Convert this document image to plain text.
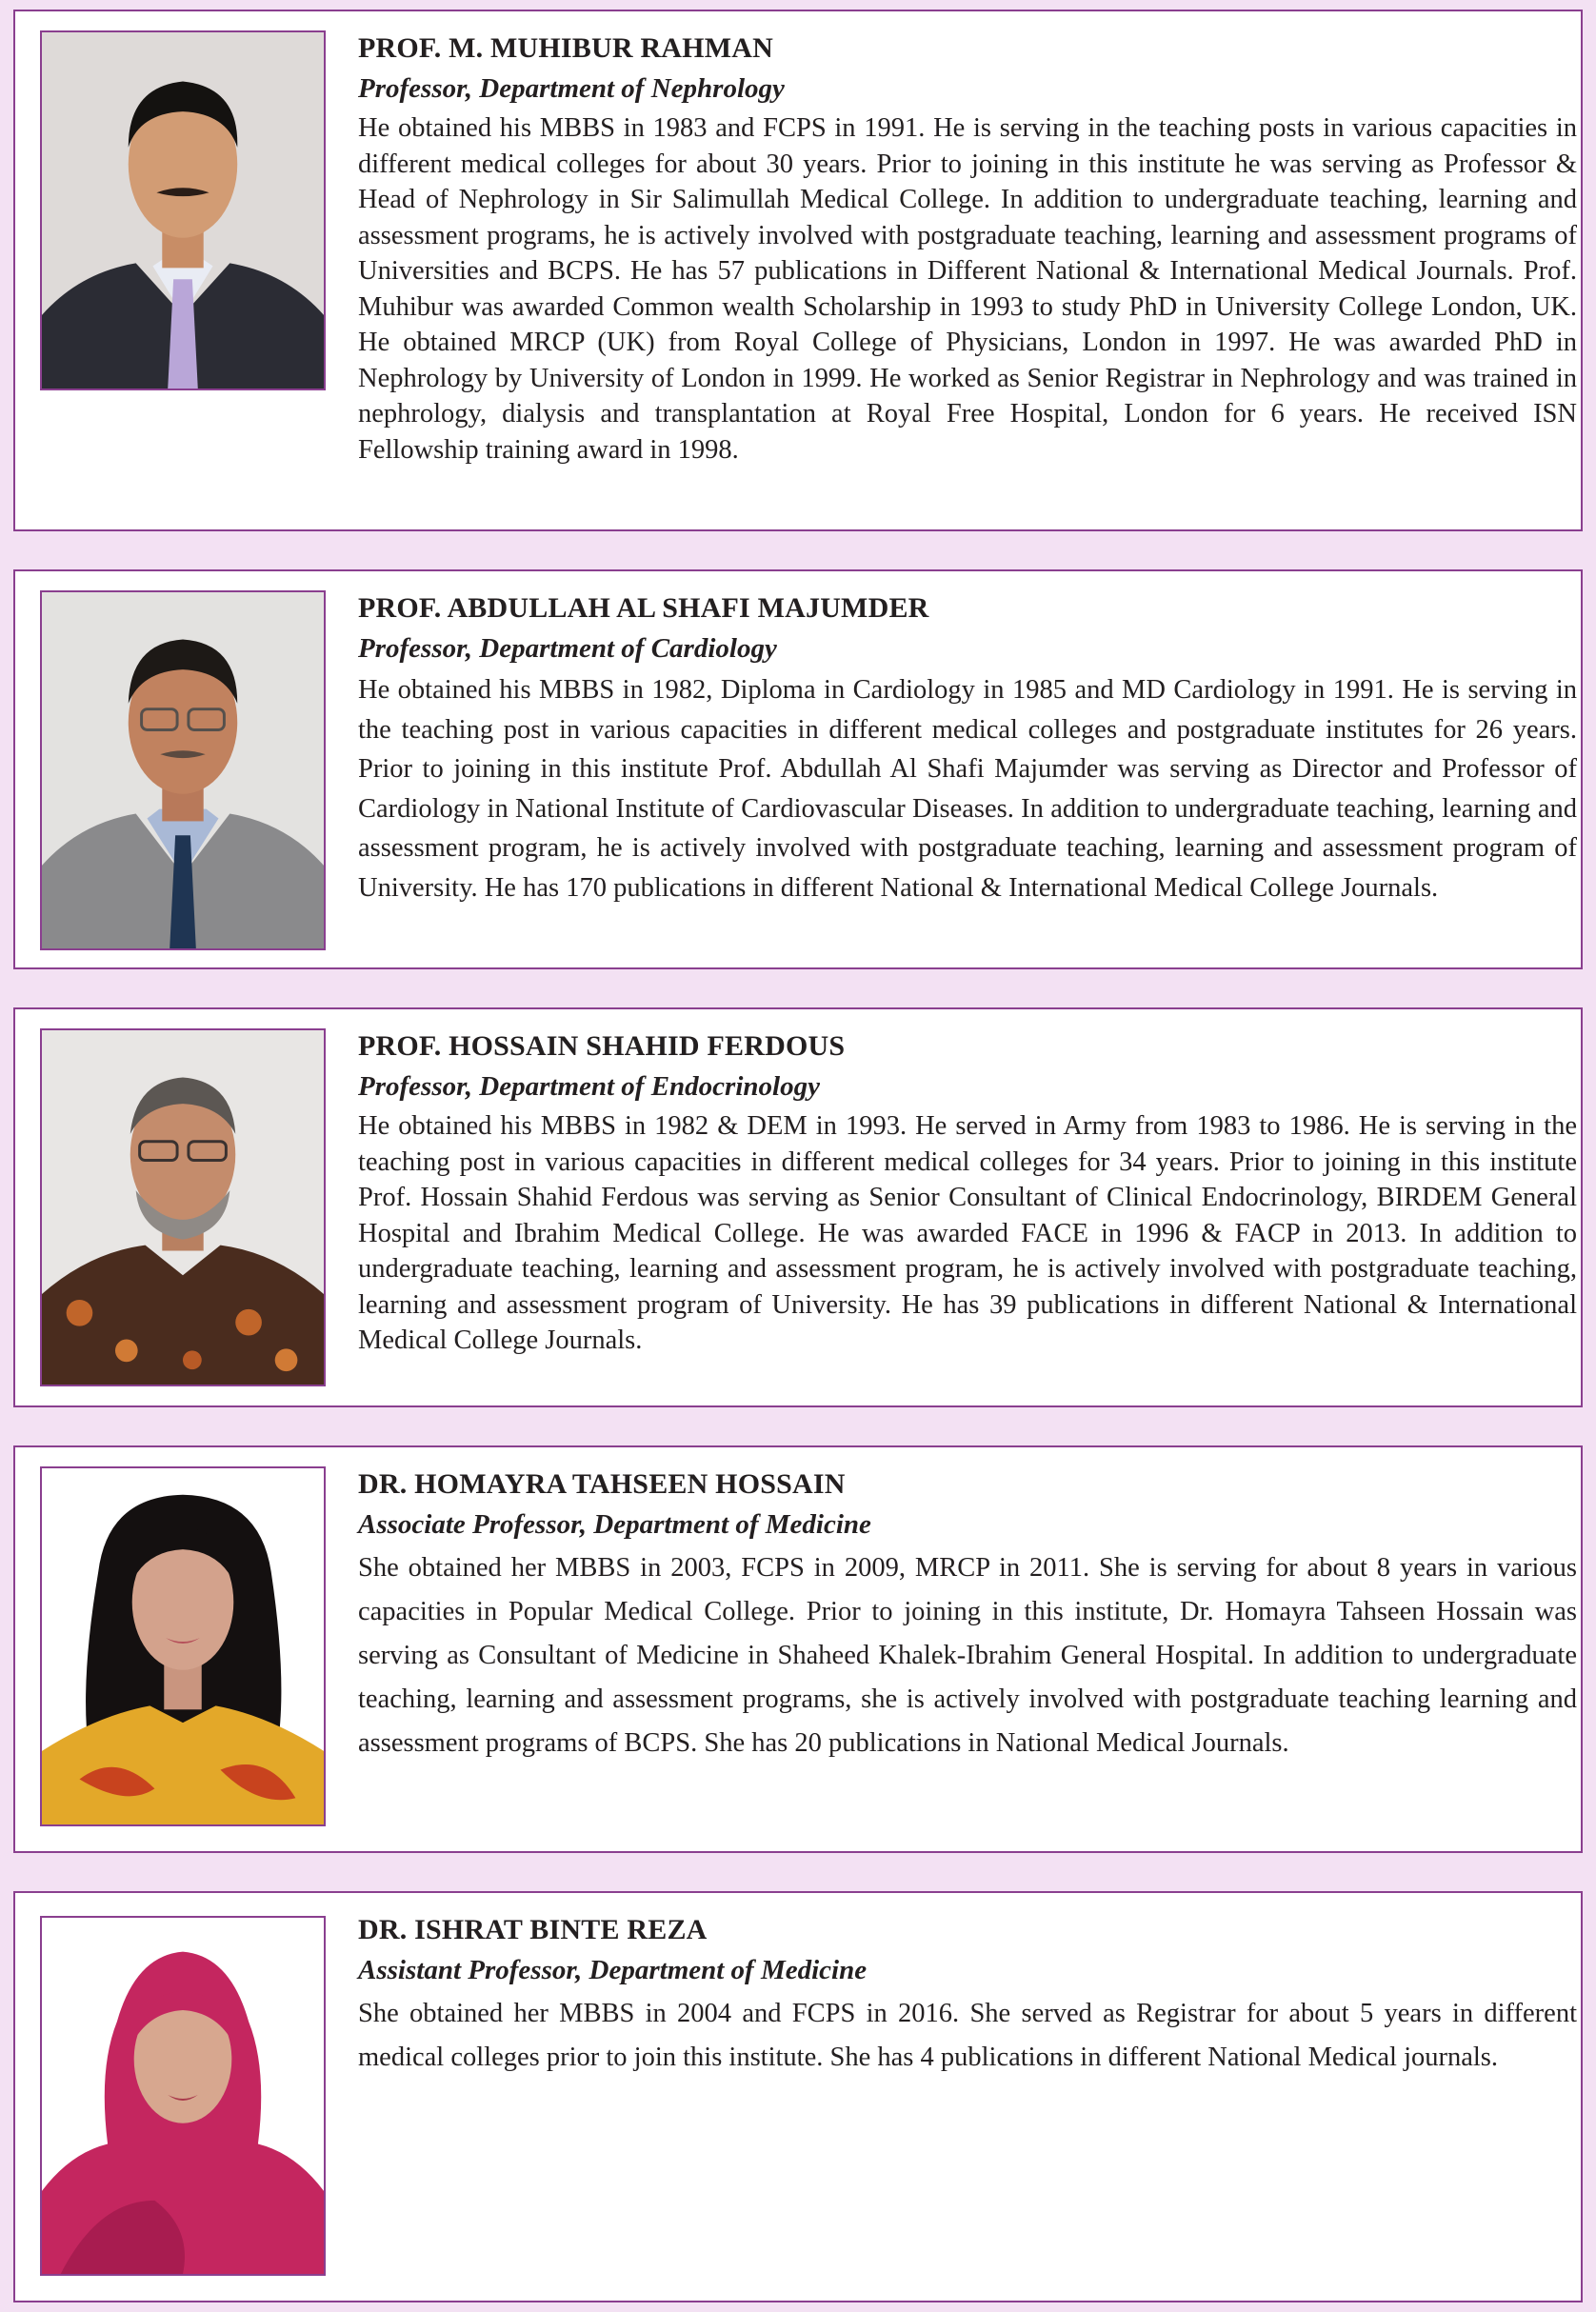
PROF. M. MUHIBUR RAHMAN

Professor, Department of Nephrology

He obtained his MBBS in 1983 and FCPS in 1991. He is serving in the teaching posts in various capacities in different medical colleges for about 30 years. Prior to joining in this institute he was serving as Professor & Head of Nephrology in Sir Salimullah Medical College. In addition to undergraduate teaching, learning and assessment programs, he is actively involved with postgraduate teaching, learning and assessment programs of Universities and BCPS. He has 57 publications in Different National & International Medical Journals. Prof. Muhibur was awarded Common wealth Scholarship in 1993 to study PhD in University College London, UK. He obtained MRCP (UK) from Royal College of Physicians, London in 1997. He was awarded PhD in Nephrology by University of London in 1999. He worked as Senior Registrar in Nephrology and was trained in nephrology, dialysis and transplantation at Royal Free Hospital, London for 6 years. He received ISN Fellowship training award in 1998.

PROF. ABDULLAH AL SHAFI MAJUMDER

Professor, Department of Cardiology

He obtained his MBBS in 1982, Diploma in Cardiology in 1985 and MD Cardiology in 1991. He is serving in the teaching post in various capacities in different medical colleges and postgraduate institutes for 26 years. Prior to joining in this institute Prof. Abdullah Al Shafi Majumder was serving as Director and Professor of Cardiology in National Institute of Cardiovascular Diseases. In addition to undergraduate teaching, learning and assessment program, he is actively involved with postgraduate teaching, learning and assessment program of University. He has 170 publications in different National & International Medical College Journals.

PROF. HOSSAIN SHAHID FERDOUS

Professor, Department of Endocrinology

He obtained his MBBS in 1982 & DEM in 1993. He served in Army from 1983 to 1986. He is serving in the teaching post in various capacities in different medical colleges for 34 years. Prior to joining in this institute Prof. Hossain Shahid Ferdous was serving as Senior Consultant of Clinical Endocrinology, BIRDEM General Hospital and Ibrahim Medical College. He was awarded FACE in 1996 & FACP in 2013. In addition to undergraduate teaching, learning and assessment program, he is actively involved with postgraduate teaching, learning and assessment program of University. He has 39 publications in different National & International Medical College Journals.

DR. HOMAYRA TAHSEEN HOSSAIN

Associate Professor, Department of Medicine

She obtained her MBBS in 2003, FCPS in 2009, MRCP in 2011. She is serving for about 8 years in various capacities in Popular Medical College. Prior to joining in this institute, Dr. Homayra Tahseen Hossain was serving as Consultant of Medicine in Shaheed Khalek-Ibrahim General Hospital. In addition to undergraduate teaching, learning and assessment programs, she is actively involved with postgraduate teaching learning and assessment programs of BCPS. She has 20 publications in National Medical Journals.

DR. ISHRAT BINTE REZA

Assistant Professor, Department of Medicine

She obtained her MBBS in 2004 and FCPS in 2016. She served as Registrar for about 5 years in different medical colleges prior to join this institute. She has 4 publications in different National Medical journals.
